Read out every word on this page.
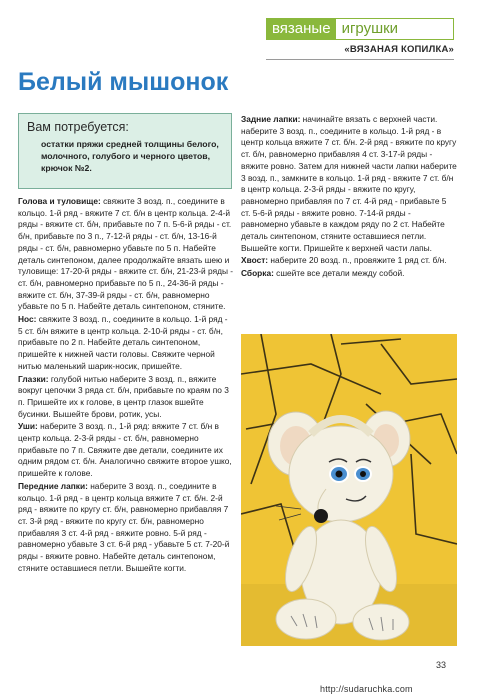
вязаные игрушки
«ВЯЗАНАЯ КОПИЛКА»
Белый мышонок
Вам потребуется:
остатки пряжи средней толщины белого, молочного, голубого и черного цветов, крючок №2.

Голова и туловище: свяжите 3 возд. п., соедините в кольцо. 1-й ряд - вяжите 7 ст. б/н в центр кольца. 2-4-й ряды - вяжите ст. б/н, прибавьте по 7 п. 5-6-й ряды - ст. б/н, прибавьте по 3 п., 7-12-й ряды - ст. б/н, 13-16-й ряды - ст. б/н, равномерно убавьте по 5 п. Набейте деталь синтепоном, далее продолжайте вязать шею и туловище: 17-20-й ряды - вяжите ст. б/н, 21-23-й ряды - ст. б/н, равномерно прибавьте по 5 п., 24-36-й ряды - вяжите ст. б/н, 37-39-й ряды - ст. б/н, равномерно убавьте по 5 п. Набейте деталь синтепоном, стяните.

Нос: свяжите 3 возд. п., соедините в кольцо. 1-й ряд - 5 ст. б/н вяжите в центр кольца. 2-10-й ряды - ст. б/н, прибавьте по 2 п. Набейте деталь синтепоном, пришейте к нижней части головы. Свяжите черной нитью маленький шарик-носик, пришейте.

Глазки: голубой нитью наберите 3 возд. п., вяжите вокруг цепочки 3 ряда ст. б/н, прибавьте по краям по 3 п. Пришейте их к голове, в центр глазок вшейте бусинки. Вышейте брови, ротик, усы.

Уши: наберите 3 возд. п., 1-й ряд: вяжите 7 ст. б/н в центр кольца. 2-3-й ряды - ст. б/н, равномерно прибавьте по 7 п. Свяжите две детали, соедините их одним рядом ст. б/н. Аналогично свяжите второе ушко, пришейте к голове.

Передние лапки: наберите 3 возд. п., соедините в кольцо. 1-й ряд - в центр кольца вяжите 7 ст. б/н. 2-й ряд - вяжите по кругу ст. б/н, равномерно прибавляя 7 ст. 3-й ряд - вяжите по кругу ст. б/н, равномерно прибавляя 3 ст. 4-й ряд - вяжите ровно. 5-й ряд - равномерно убавьте 3 ст. 6-й ряд - убавьте 5 ст. 7-20-й ряды - вяжите ровно. Набейте деталь синтепоном, стяните оставшиеся петли. Вышейте когти.

Задние лапки: начинайте вязать с верхней части. наберите 3 возд. п., соедините в кольцо. 1-й ряд - в центр кольца вяжите 7 ст. б/н. 2-й ряд - вяжите по кругу ст. б/н, равномерно прибавляя 4 ст. 3-17-й ряды - вяжите ровно. Затем для нижней части лапки наберите 3 возд. п., замкните в кольцо. 1-й ряд - вяжите 7 ст. б/н в центр кольца. 2-3-й ряды - вяжите по кругу, равномерно прибавляя по 7 ст. 4-й ряд - прибавьте 5 ст. 5-6-й ряды - вяжите ровно. 7-14-й ряды - равномерно убавьте в каждом ряду по 2 ст. Набейте деталь синтепоном, стяните оставшиеся петли. Вышейте когти. Пришейте к верхней части лапы.

Хвост: наберите 20 возд. п., провяжите 1 ряд ст. б/н.

Сборка: сшейте все детали между собой.

33
http://sudaruchka.com
